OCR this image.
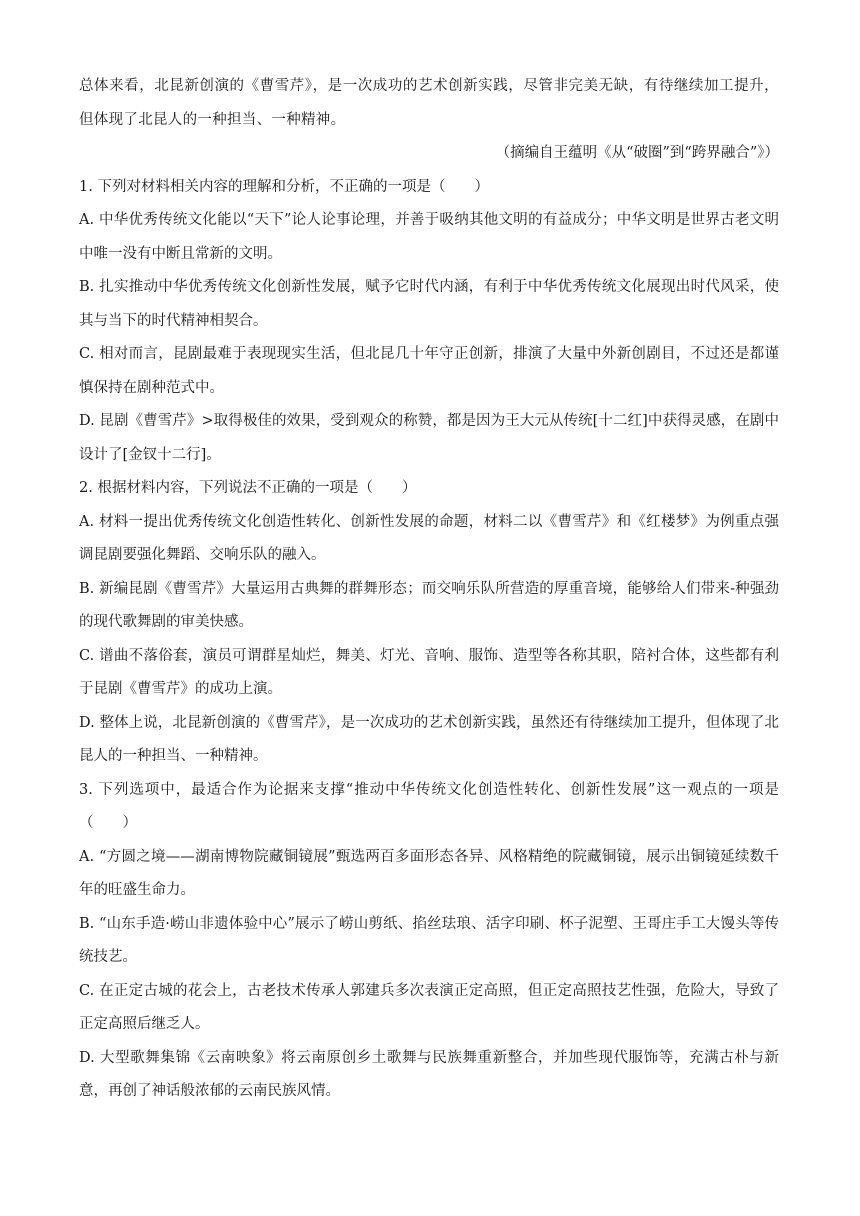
总体来看，北昆新创演的《曹雪芹》，是一次成功的艺术创新实践，尽管非完美无缺，有待继续加工提升，但体现了北昆人的一种担当、一种精神。

（摘编自王蕴明《从“破圈”到“跨界融合”》）

1. 下列对材料相关内容的理解和分析，不正确的一项是（　　）

A. 中华优秀传统文化能以“天下”论人论事论理，并善于吸纳其他文明的有益成分；中华文明是世界古老文明中唯一没有中断且常新的文明。

B. 扎实推动中华优秀传统文化创新性发展，赋予它时代内涵，有利于中华优秀传统文化展现出时代风采，使其与当下的时代精神相契合。

C. 相对而言，昆剧最难于表现现实生活，但北昆几十年守正创新，排演了大量中外新创剧目，不过还是都谨慎保持在剧种范式中。

D. 昆剧《曹雪芹》>取得极佳的效果，受到观众的称赞，都是因为王大元从传统[十二红]中获得灵感，在剧中设计了[金钗十二行]。

2. 根据材料内容，下列说法不正确的一项是（　　）

A. 材料一提出优秀传统文化创造性转化、创新性发展的命题，材料二以《曹雪芹》和《红楼梦》为例重点强调昆剧要强化舞蹈、交响乐队的融入。

B. 新编昆剧《曹雪芹》大量运用古典舞的群舞形态；而交响乐队所营造的厚重音境，能够给人们带来-种强劲的现代歌舞剧的审美快感。

C. 谱曲不落俗套，演员可谓群星灿烂，舞美、灯光、音响、服饰、造型等各称其职，陪衬合体，这些都有利于昆剧《曹雪芹》的成功上演。

D. 整体上说，北昆新创演的《曹雪芹》，是一次成功的艺术创新实践，虽然还有待继续加工提升，但体现了北昆人的一种担当、一种精神。

3. 下列选项中，最适合作为论据来支撑“推动中华传统文化创造性转化、创新性发展”这一观点的一项是（　　）

A. “方圆之境——湖南博物院藏铜镜展”甄选两百多面形态各异、风格精绝的院藏铜镜，展示出铜镜延续数千年的旺盛生命力。

B. “山东手造·崂山非遗体验中心”展示了崂山剪纸、掐丝珐琅、活字印刷、杯子泥塑、王哥庄手工大馒头等传统技艺。

C. 在正定古城的花会上，古老技术传承人郭建兵多次表演正定高照，但正定高照技艺性强，危险大，导致了正定高照后继乏人。

D. 大型歌舞集锦《云南映象》将云南原创乡土歌舞与民族舞重新整合，并加些现代服饰等，充满古朴与新意，再创了神话般浓郁的云南民族风情。
